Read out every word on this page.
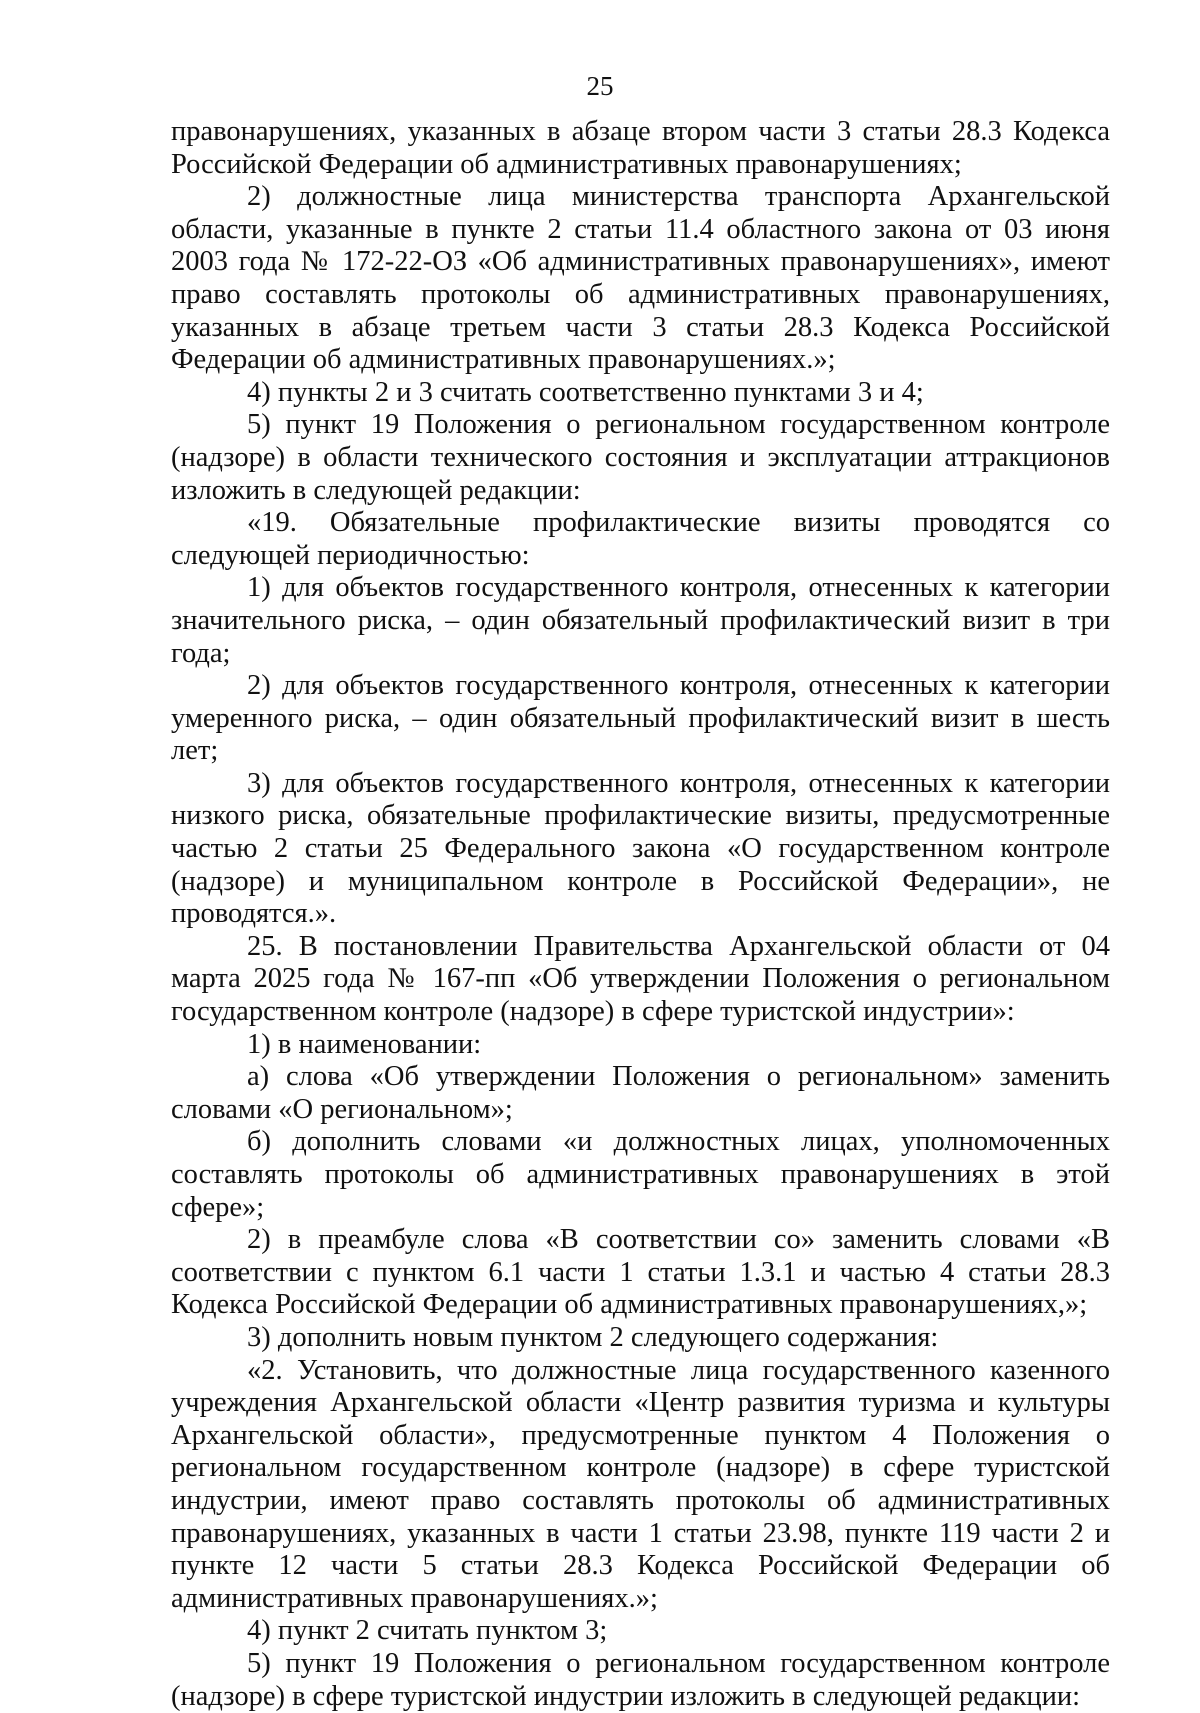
25

правонарушениях, указанных в абзаце втором части 3 статьи 28.3 Кодекса Российской Федерации об административных правонарушениях;

2) должностные лица министерства транспорта Архангельской области, указанные в пункте 2 статьи 11.4 областного закона от 03 июня 2003 года № 172-22-ОЗ «Об административных правонарушениях», имеют право составлять протоколы об административных правонарушениях, указанных в абзаце третьем части 3 статьи 28.3 Кодекса Российской Федерации об административных правонарушениях.»;

4) пункты 2 и 3 считать соответственно пунктами 3 и 4;

5) пункт 19 Положения о региональном государственном контроле (надзоре) в области технического состояния и эксплуатации аттракционов изложить в следующей редакции:

«19. Обязательные профилактические визиты проводятся со следующей периодичностью:

1) для объектов государственного контроля, отнесенных к категории значительного риска, – один обязательный профилактический визит в три года;

2) для объектов государственного контроля, отнесенных к категории умеренного риска, – один обязательный профилактический визит в шесть лет;

3) для объектов государственного контроля, отнесенных к категории низкого риска, обязательные профилактические визиты, предусмотренные частью 2 статьи 25 Федерального закона «О государственном контроле (надзоре) и муниципальном контроле в Российской Федерации», не проводятся.».

25. В постановлении Правительства Архангельской области от 04 марта 2025 года № 167-пп «Об утверждении Положения о региональном государственном контроле (надзоре) в сфере туристской индустрии»:

1) в наименовании:

а) слова «Об утверждении Положения о региональном» заменить словами «О региональном»;

б) дополнить словами «и должностных лицах, уполномоченных составлять протоколы об административных правонарушениях в этой сфере»;

2) в преамбуле слова «В соответствии со» заменить словами «В соответствии с пунктом 6.1 части 1 статьи 1.3.1 и частью 4 статьи 28.3 Кодекса Российской Федерации об административных правонарушениях,»;

3) дополнить новым пунктом 2 следующего содержания:

«2. Установить, что должностные лица государственного казенного учреждения Архангельской области «Центр развития туризма и культуры Архангельской области», предусмотренные пунктом 4 Положения о региональном государственном контроле (надзоре) в сфере туристской индустрии, имеют право составлять протоколы об административных правонарушениях, указанных в части 1 статьи 23.98, пункте 119 части 2 и пункте 12 части 5 статьи 28.3 Кодекса Российской Федерации об административных правонарушениях.»;

4) пункт 2 считать пунктом 3;

5) пункт 19 Положения о региональном государственном контроле (надзоре) в сфере туристской индустрии изложить в следующей редакции:
